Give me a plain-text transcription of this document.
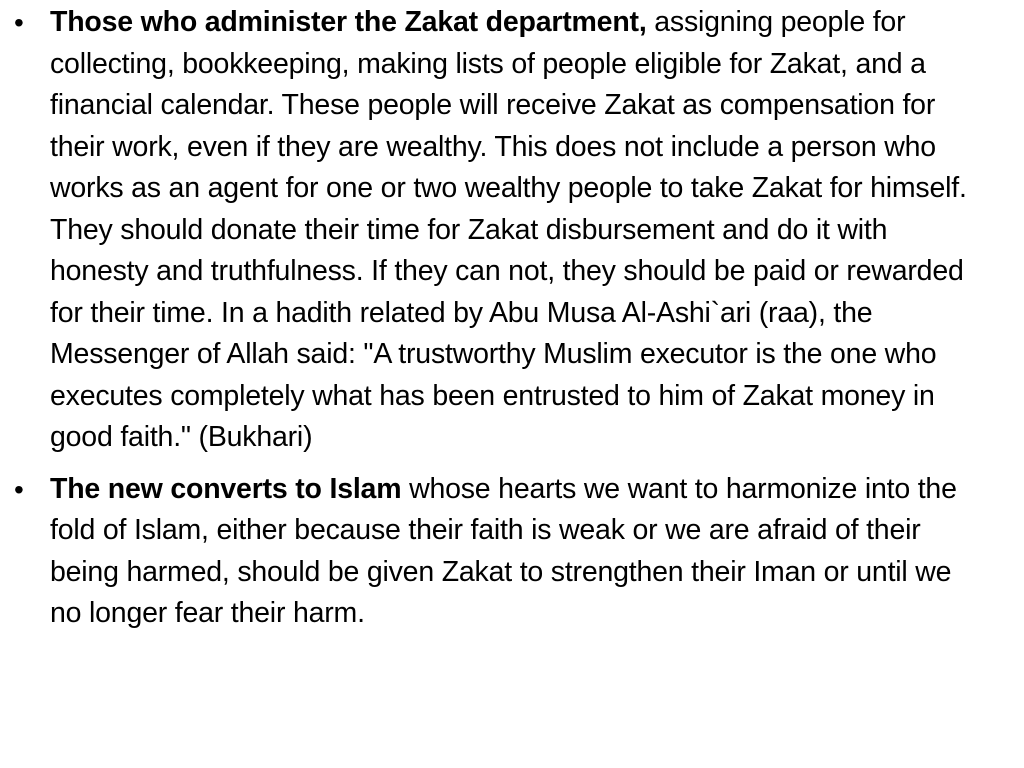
• Those who administer the Zakat department, assigning people for collecting, bookkeeping, making lists of people eligible for Zakat, and a financial calendar. These people will receive Zakat as compensation for their work, even if they are wealthy. This does not include a person who works as an agent for one or two wealthy people to take Zakat for himself. They should donate their time for Zakat disbursement and do it with honesty and truthfulness. If they can not, they should be paid or rewarded for their time. In a hadith related by Abu Musa Al-Ashi`ari (raa), the Messenger of Allah said: "A trustworthy Muslim executor is the one who executes completely what has been entrusted to him of Zakat money in good faith." (Bukhari)
• The new converts to Islam whose hearts we want to harmonize into the fold of Islam, either because their faith is weak or we are afraid of their being harmed, should be given Zakat to strengthen their Iman or until we no longer fear their harm.
